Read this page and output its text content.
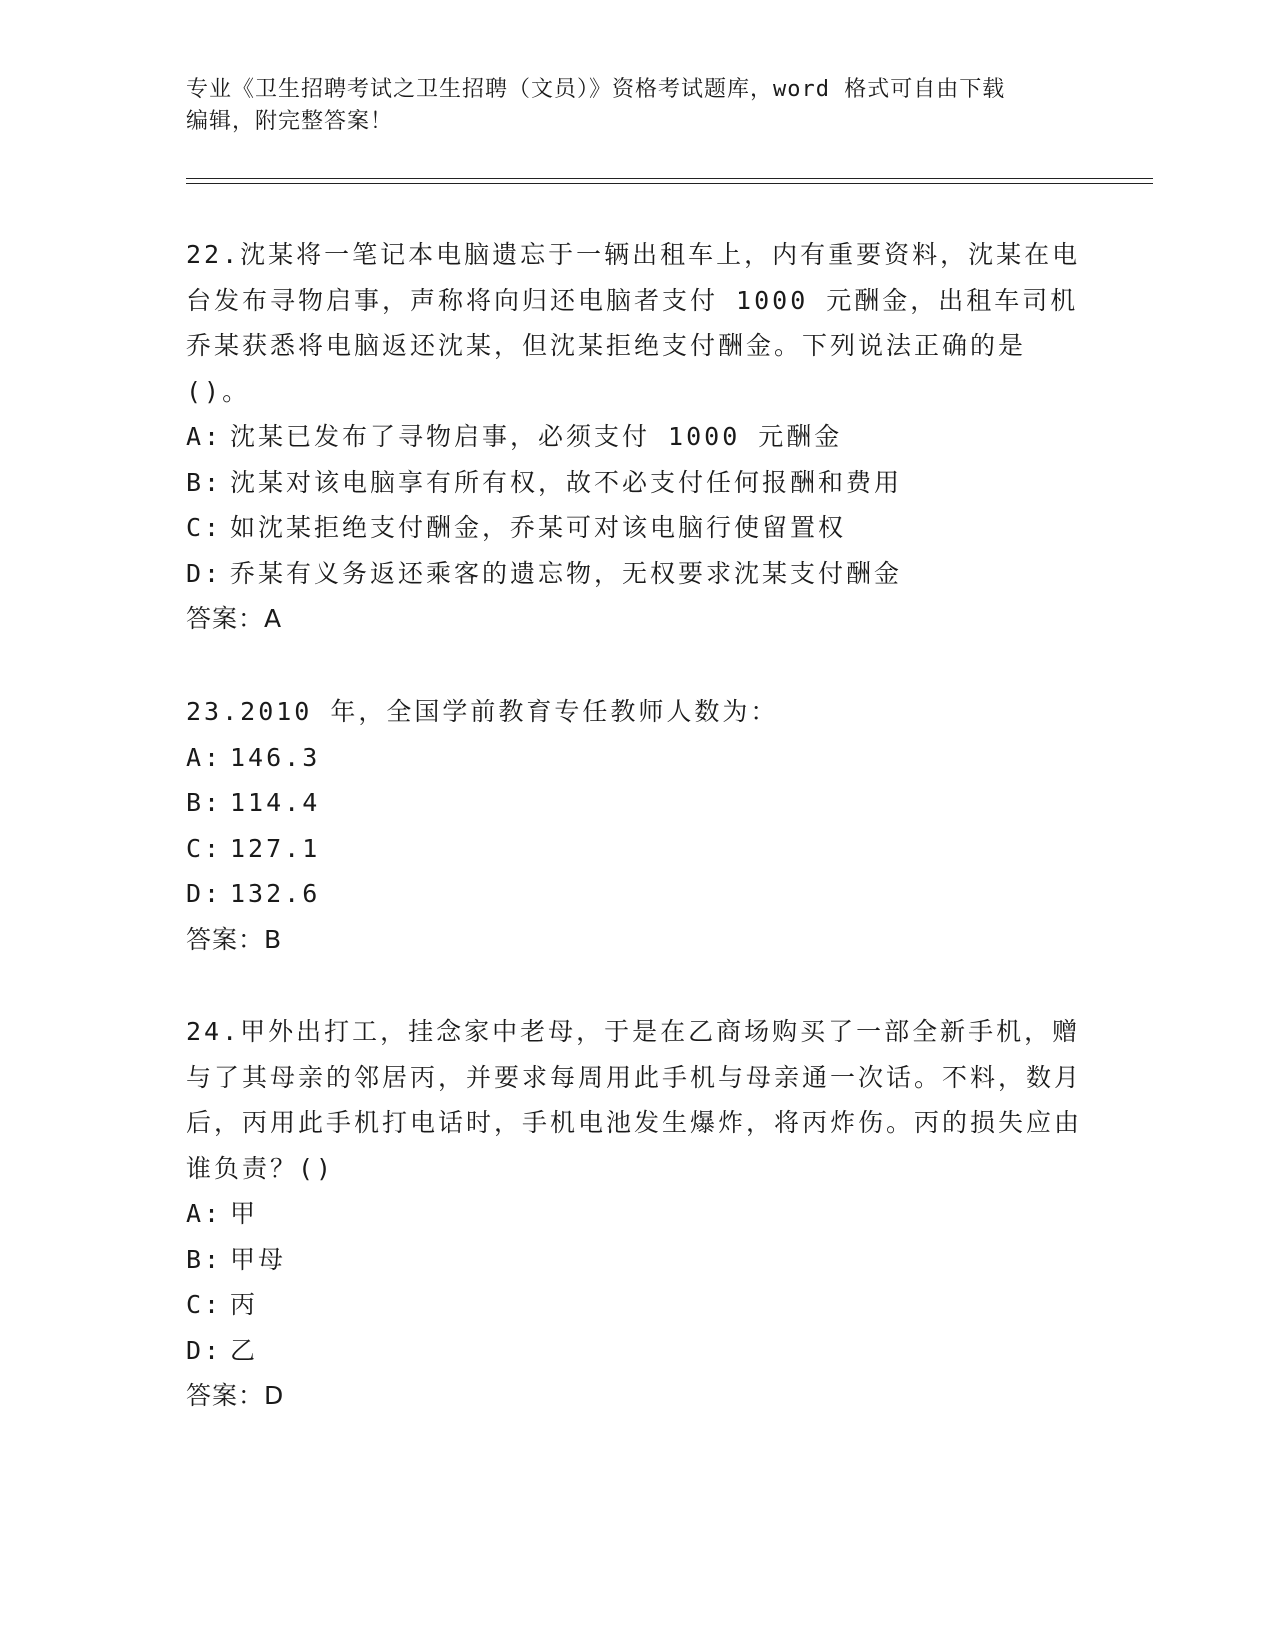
专业《卫生招聘考试之卫生招聘（文员）》资格考试题库，word 格式可自由下载
编辑，附完整答案！

22.沈某将一笔记本电脑遗忘于一辆出租车上，内有重要资料，沈某在电台发布寻物启事，声称将向归还电脑者支付 1000 元酬金，出租车司机乔某获悉将电脑返还沈某，但沈某拒绝支付酬金。下列说法正确的是()。

A: 沈某已发布了寻物启事，必须支付 1000 元酬金
B: 沈某对该电脑享有所有权，故不必支付任何报酬和费用
C: 如沈某拒绝支付酬金，乔某可对该电脑行使留置权
D: 乔某有义务返还乘客的遗忘物，无权要求沈某支付酬金
答案：A

23.2010 年，全国学前教育专任教师人数为：

A: 146.3
B: 114.4
C: 127.1
D: 132.6
答案：B

24.甲外出打工，挂念家中老母，于是在乙商场购买了一部全新手机，赠与了其母亲的邻居丙，并要求每周用此手机与母亲通一次话。不料，数月后，丙用此手机打电话时，手机电池发生爆炸，将丙炸伤。丙的损失应由谁负责？()

A: 甲
B: 甲母
C: 丙
D: 乙
答案：D
